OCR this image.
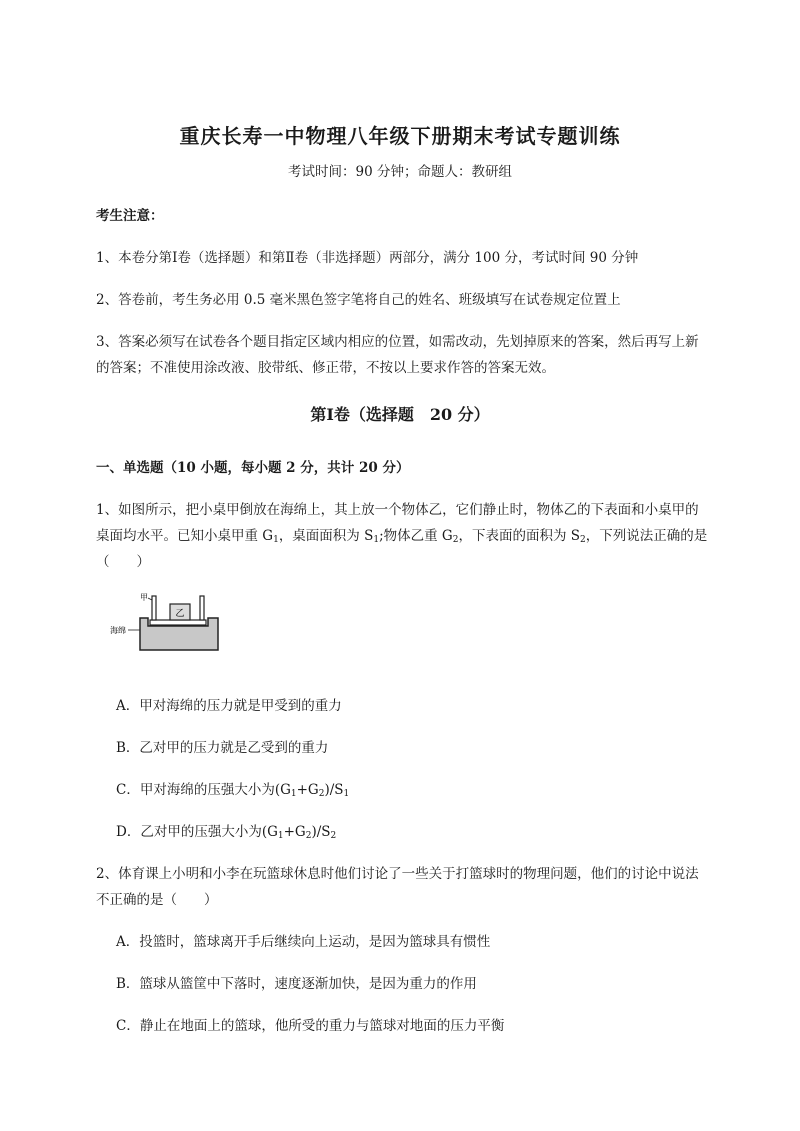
重庆长寿一中物理八年级下册期末考试专题训练
考试时间：90 分钟；命题人：教研组
考生注意：
1、本卷分第Ⅰ卷（选择题）和第Ⅱ卷（非选择题）两部分，满分 100 分，考试时间 90 分钟
2、答卷前，考生务必用 0.5 毫米黑色签字笔将自己的姓名、班级填写在试卷规定位置上
3、答案必须写在试卷各个题目指定区域内相应的位置，如需改动，先划掉原来的答案，然后再写上新
的答案；不准使用涂改液、胶带纸、修正带，不按以上要求作答的答案无效。
第Ⅰ卷（选择题　20 分）
一、单选题（10 小题，每小题 2 分，共计 20 分）
1、如图所示，把小桌甲倒放在海绵上，其上放一个物体乙，它们静止时，物体乙的下表面和小桌甲的
桌面均水平。已知小桌甲重 $G_1$，桌面面积为 $S_1$;物体乙重 $G_2$，下表面的面积为 $S_2$，下列说法正确的是
（　　）
乙
甲
海绵
A．甲对海绵的压力就是甲受到的重力
B．乙对甲的压力就是乙受到的重力
C．甲对海绵的压强大小为$(G_1+G_2)/S_1$
D．乙对甲的压强大小为$(G_1+G_2)/S_2$
2、体育课上小明和小李在玩篮球休息时他们讨论了一些关于打篮球时的物理问题，他们的讨论中说法
不正确的是（　　）
A．投篮时，篮球离开手后继续向上运动，是因为篮球具有惯性
B．篮球从篮筐中下落时，速度逐渐加快，是因为重力的作用
C．静止在地面上的篮球，他所受的重力与篮球对地面的压力平衡
